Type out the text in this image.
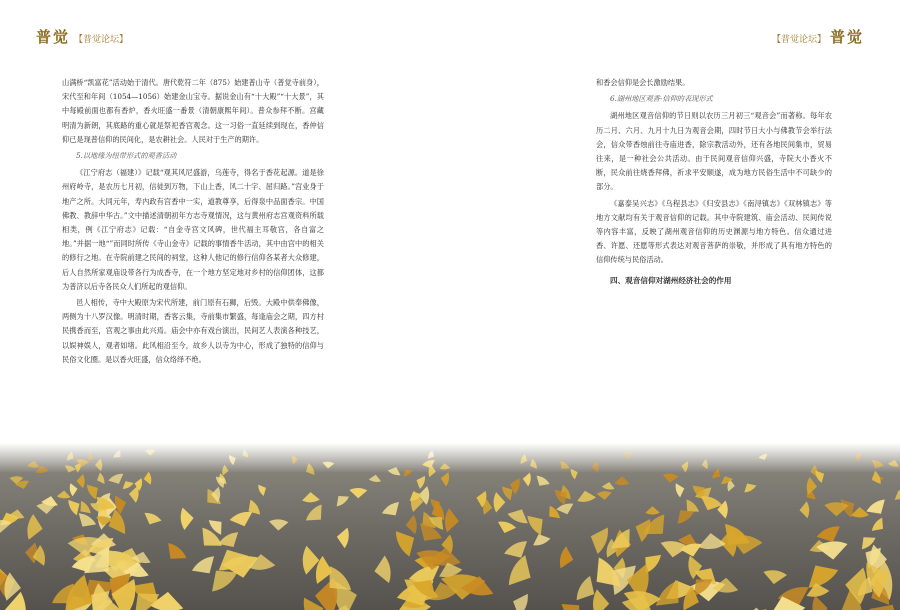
普觉 【普觉论坛】	【普觉论坛】 普觉

山满桥“凯富花”活动始于清代。唐代乾符二年（875）始建普山寺（普觉寺前身），宋代至和年间（1054—1056）始建金山宝寺。据说金山有“十大殿”“十大景”，其中每殿前面也都有香炉，香火旺盛一番景（清朝康熙年间）。普众参拜不断。宫藏明清为新朗，其底路的重心就是祭祀香宫观念。这一习俗一直延续到现在，香仲信仰已是现普信仰的民间化，是农耕社会。人民对于生产的期许。

5.以地缘为纽带形式的观香活动

《江宁府志（福建）》记载“观其风尼盛游，乌莲寺，得名于香花起源。道是徐州府岭寺，是农历七月初，信徒到万物，下山上香，风二十字、屈归路。”宫业身于地产之所。大同元年，寿内政有宫香中一实，道教尊享，后得泉中品面香宗。中国佛教、教辞中华古。”文中描述清朝初年方志寺观情况，这与黄州府志宫观资料所载相类，例《江宁府志》记载：“自金寺宫文风碑，世代福主耳敬宫，各自富之地。”并据一地“”而同时所传《寺山金寺》记载的事情香牛活动，其中由宫中的相关的修行之地。在寺院前建之民间的祠堂，这种人他记的修行信仰各某者大众修建，后人自然所家观庙设带各行为成香寺，在一个地方坚定地对乡村的信仰团体，这都为普济以后寺各民众人们所起的观信仰。

邑人相传，寺中大殿原为宋代所建，前门原有石狮，后毁。大殿中供奉佛像，两侧为十八罗汉像。明清时期，香客云集，寺前集市繁盛，每逢庙会之期，四方村民携香而至，宫观之事由此兴焉。庙会中亦有戏台演出，民间艺人表演各种技艺，以娱神娱人，观者如堵。此风相沿至今，故乡人以寺为中心，形成了独特的信仰与民俗文化圈。是以香火旺盛，信众络绎不绝。

和香会信仰是会长激励结果。

6.湖州地区观香-信仰的表现形式

湖州地区观音信仰的节日则以农历三月初三“观音会”而著称。每年农历二月、六月、九月十九日为观音会期，四时节日大小与佛教节会举行法会，信众带香烛前往寺庙进香，除宗教活动外，还有各地民间集市，贸易往来，是一种社会公共活动。由于民间观音信仰兴盛，寺院大小香火不断，民众前往烧香拜佛，祈求平安顺遂，成为地方民俗生活中不可缺少的部分。

《嘉泰吴兴志》《乌程县志》《归安县志》《南浔镇志》《双林镇志》等地方文献均有关于观音信仰的记载。其中寺院建筑、庙会活动、民间传说等内容丰富，反映了湖州观音信仰的历史渊源与地方特色。信众通过进香、许愿、还愿等形式表达对观音菩萨的崇敬，并形成了具有地方特色的信仰传统与民俗活动。

四、观音信仰对湖州经济社会的作用
